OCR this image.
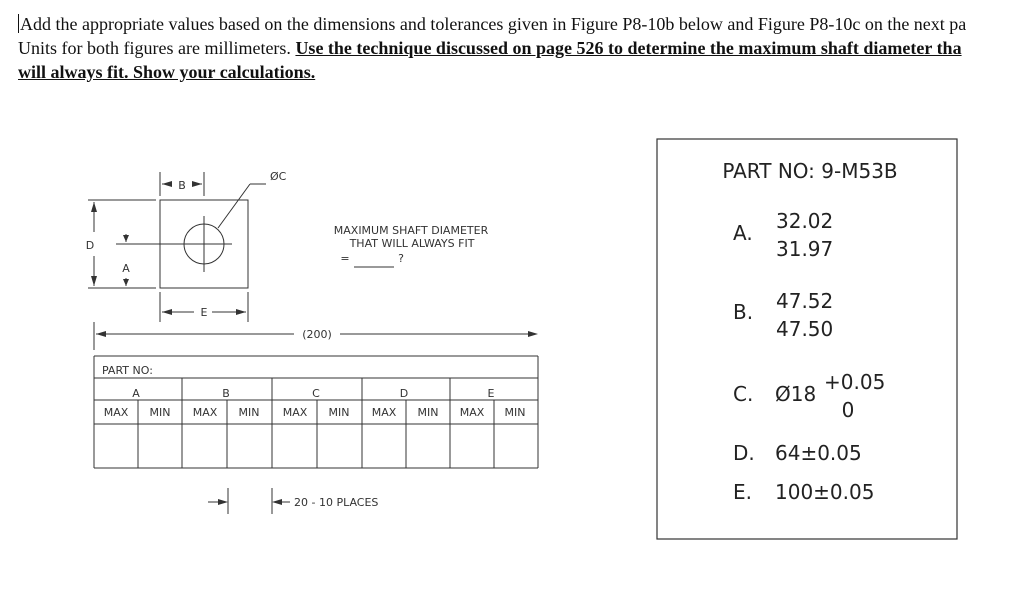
Add the appropriate values based on the dimensions and tolerances given in Figure P8-10b below and Figure P8-10c on the next pa
Units for both figures are millimeters. Use the technique discussed on page 526 to determine the maximum shaft diameter tha
will always fit. Show your calculations.
B
ØC
D
A
E
MAXIMUM SHAFT DIAMETER
THAT WILL ALWAYS FIT
=	?
(200)
PART NO:
A	B	C	D	E
MAX MIN MAX MIN MAX MIN MAX MIN MAX MIN
20 - 10 PLACES
PART NO: 9-M53B
A. 32.02
31.97
B. 47.52
47.50
C. Ø18 +0.05
0
D. 64±0.05
E. 100±0.05
